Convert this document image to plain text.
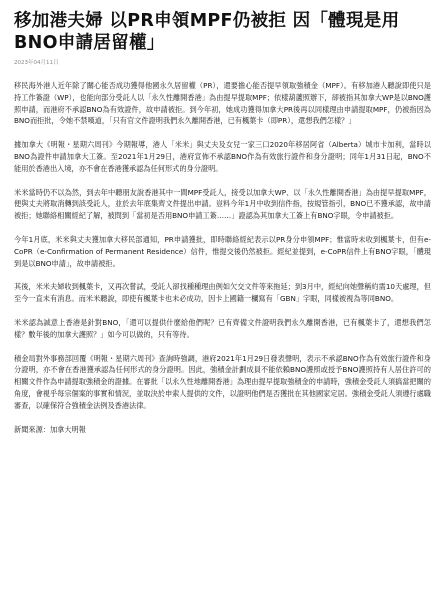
移加港夫婦 以PR申領MPF仍被拒 因「體現是用BNO申請居留權」
2023年04月11日

移民海外港人近年除了關心能否成功獲得他國永久居留權（PR），還要擔心能否提早領取強積金（MPF）。有移加港人聽說即使只是持工作簽證（WP），也能向部分受託人以「永久性離開香港」為由提早提取MPF；依樣葫蘆照辦下，卻被指其加拿大WP是以BNO護照申請，而港府不承認BNO為有效證件，故申請被拒。到今年初，她成功獲得加拿大PR後再以同樣理由申請提取MPF，仍被指因為BNO而拒批，令她不禁嘆道，「只有官文件證明我們永久離開香港，已有楓葉卡（即PR），還想我們怎樣？」

據加拿大《明報・星期六周刊》今期報導，港人「米米」與丈夫及女兒一家三口2020年移居阿省（Alberta）城市卡加利，當時以BNO為證件申請加拿大工簽。至2021年1月29日，港府宣佈不承認BNO作為有效旅行證件和身分證明；同年1月31日起，BNO不能用於香港出入境，亦不會在香港獲承認為任何形式的身分證明。

米米當時仍不以為然，到去年中聽朋友說香港其中一間MPF受託人，接受以加拿大WP、以「永久性離開香港」為由提早提取MPF，便與丈夫將取消轉到該受託人，並於去年底集齊文件提出申請。豈料今年1月中收到信件指，按規管指引，BNO已不獲承認，故申請被拒；她聯絡相關經紀了解，被問到「當初是否用BNO申請工簽……」證認為其加拿大工簽上有BNO字眼，令申請被拒。

今年1月底，米米與丈夫獲加拿大移民部通知，PR申請獲批，即時聯絡經紀表示以PR身分申領MPF；惟當時未收到楓葉卡，但有e-CoPR（e-Confirmation of Permanent Residence）信件，惟提交後仍然被拒。經紀並提到，e-CoPR信件上有BNO字眼，「體現到是以BNO申請」，故申請被拒。

其後，米米夫婦收到楓葉卡，又再次嘗試，受託人卻找種種理由例如欠交文件等來拖延；到3月中，經紀向她聲稱約需10天處理，但至今一直未有消息。而米米聽說，即使有楓葉卡也未必成功，因卡上國籍一欄寫有「GBN」字眼，同樣被視為等同BNO。

米米認為誠意上香港是針對BNO，「還可以提供什麼給他們呢？已有齊備文件證明我們永久離開香港，已有楓葉卡了，還想我們怎樣？數年後的加拿大護照？」如今可以做的，只有等待。

積金局對外事務部回覆《明報・星期六周刊》查詢時強調，港府2021年1月29日發表聲明，表示不承認BNO作為有效旅行證件和身分證明，亦不會在香港獲承認為任何形式的身分證明。因此，強積金計劃成員不能依賴BNO護照或授予BNO護照持有人居住許可的相關文件作為申請提取強積金的證據。在審批「以永久性地離開香港」為理由提早提取強積金的申請時，強積金受託人須搞當把關的角度，會視乎每宗個案的事實和情況，並取決於申索人提供的文件，以證明他們是否獲批在其他國家定居。強積金受託人須遵行處職審查，以確保符合強積金法例及香港法律。

新聞來源：加拿大明報
